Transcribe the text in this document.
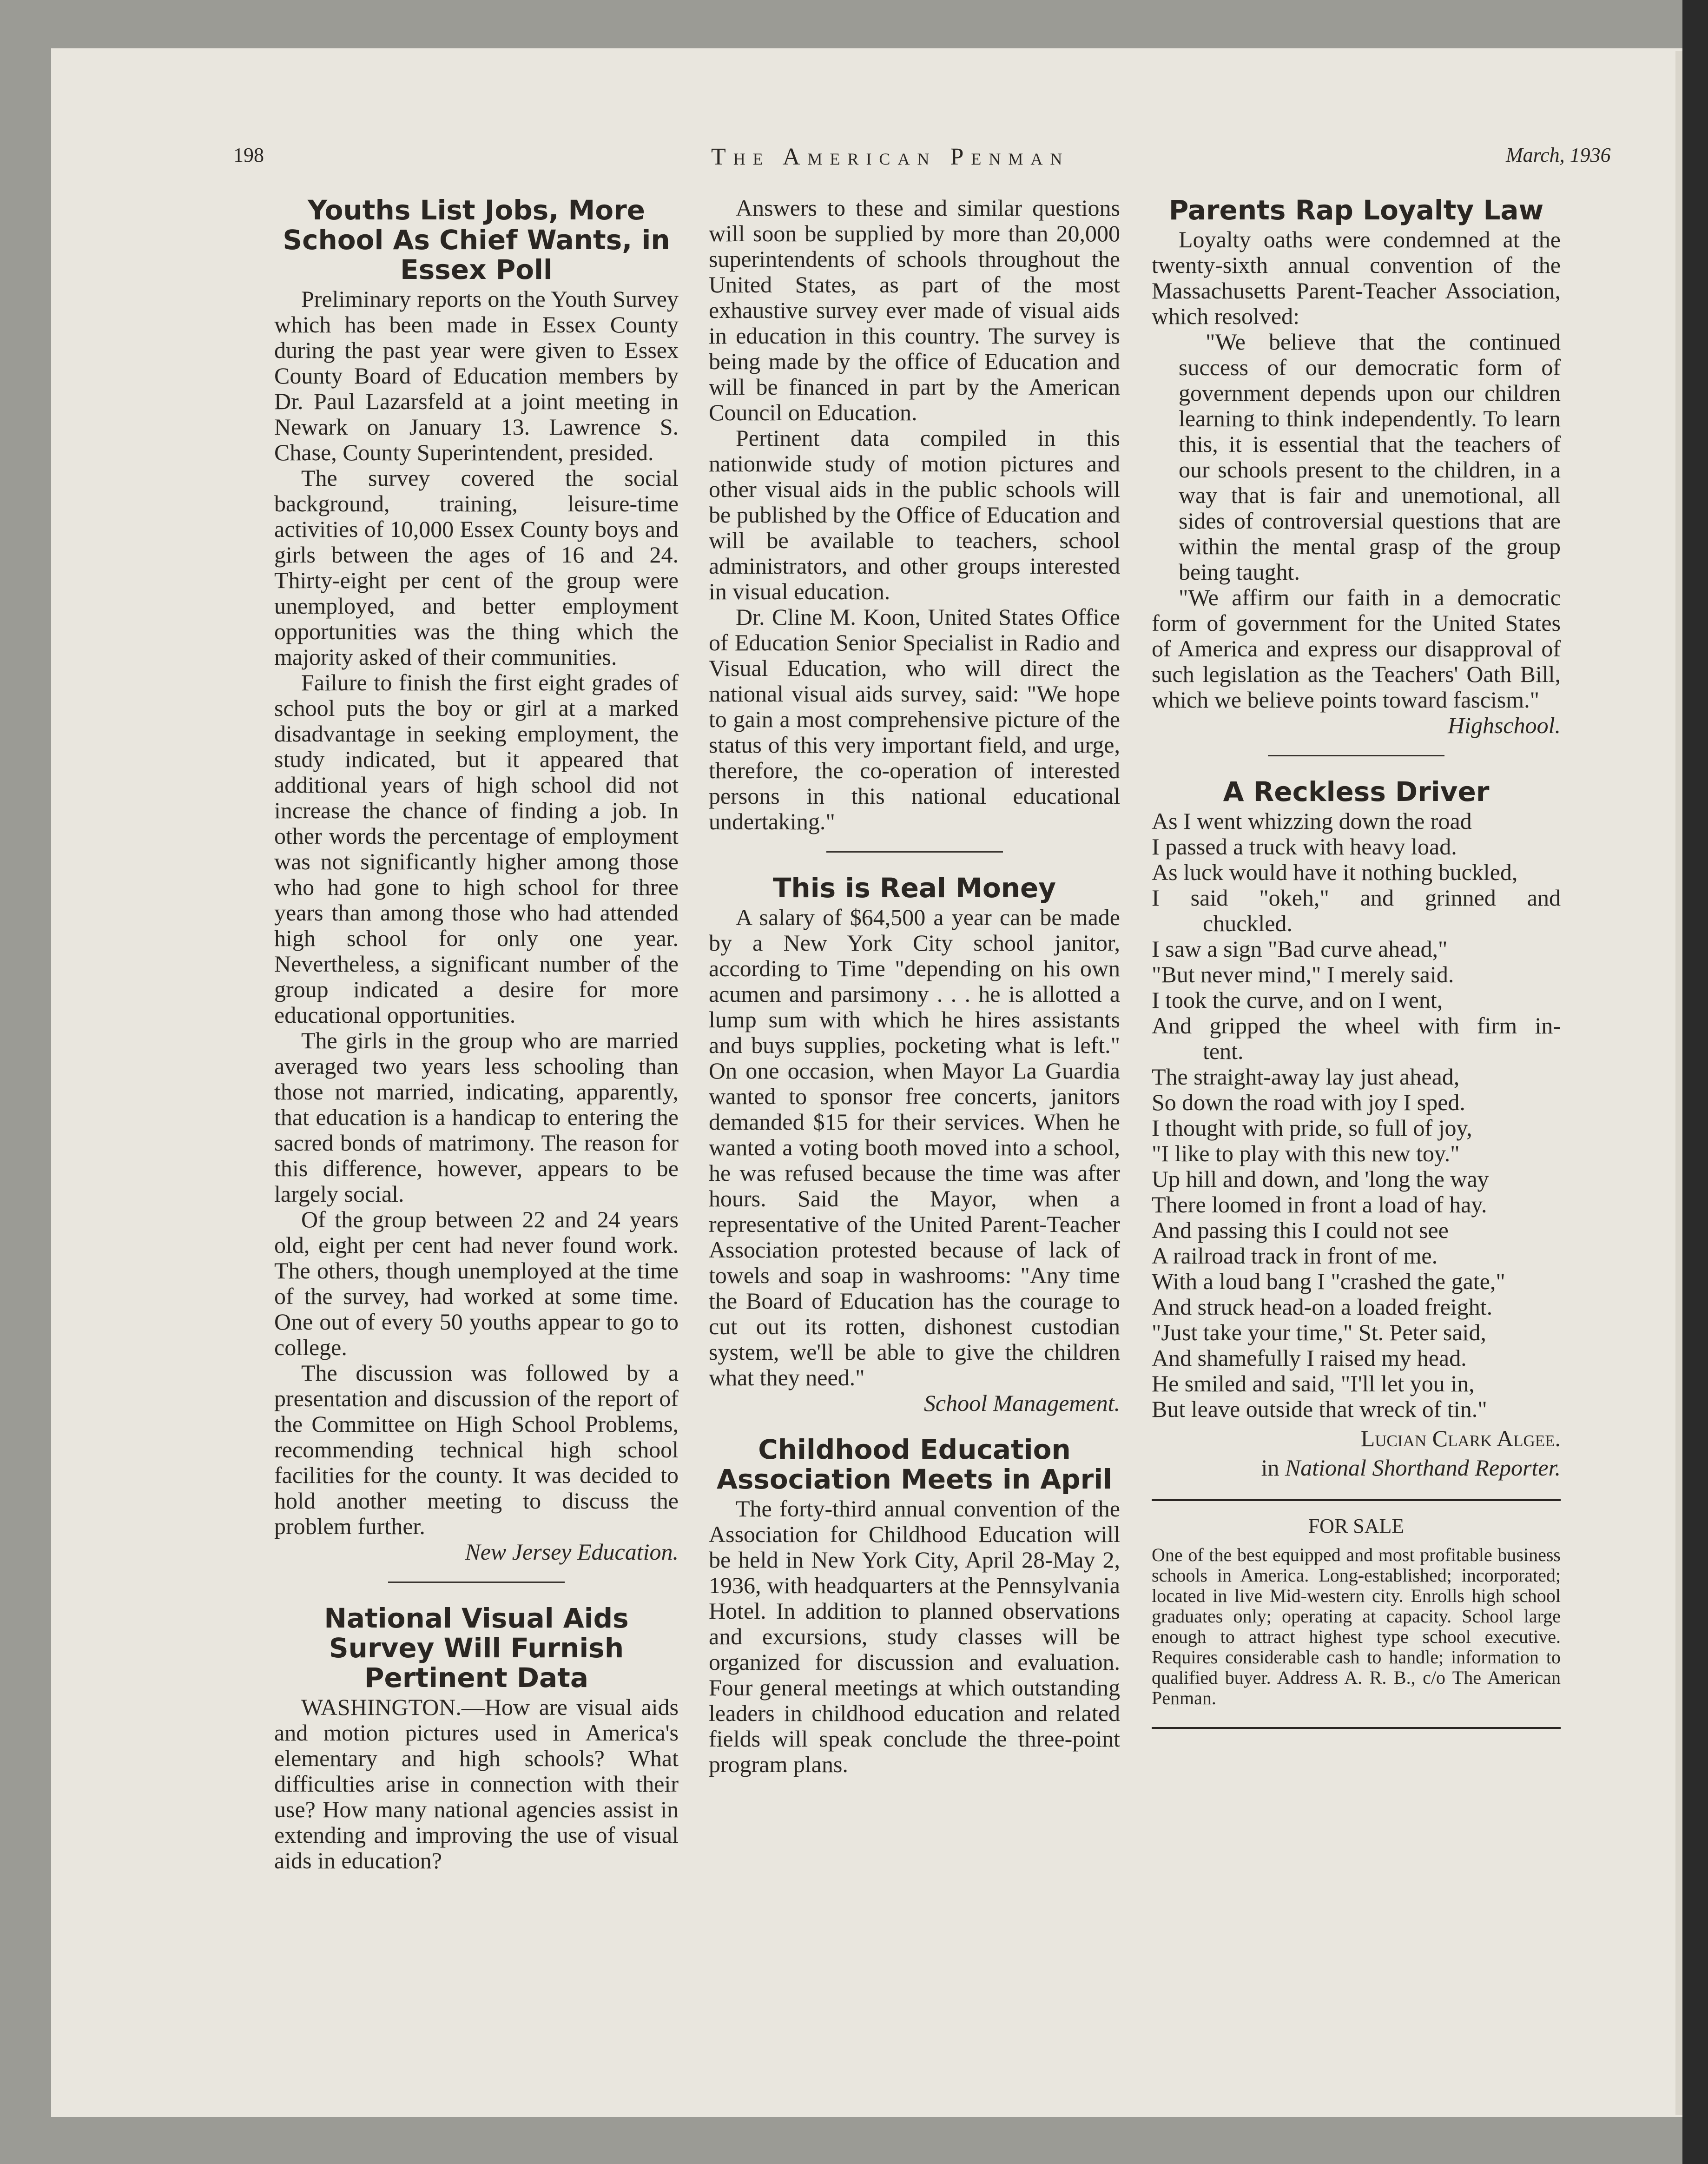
198	The American Penman	March, 1936
Youths List Jobs, More School As Chief Wants, in Essex Poll

Preliminary reports on the Youth Survey which has been made in Essex County during the past year were given to Essex County Board of Education members by Dr. Paul Lazarsfeld at a joint meeting in Newark on January 13. Lawrence S. Chase, County Superintendent, presided.

The survey covered the social background, training, leisure-time activities of 10,000 Essex County boys and girls between the ages of 16 and 24. Thirty-eight per cent of the group were unemployed, and better employment opportunities was the thing which the majority asked of their communities.

Failure to finish the first eight grades of school puts the boy or girl at a marked disadvantage in seeking employment, the study indicated, but it appeared that additional years of high school did not increase the chance of finding a job. In other words the percentage of employment was not significantly higher among those who had gone to high school for three years than among those who had attended high school for only one year. Nevertheless, a significant number of the group indicated a desire for more educational opportunities.

The girls in the group who are married averaged two years less schooling than those not married, indicating, apparently, that education is a handicap to entering the sacred bonds of matrimony. The reason for this difference, however, appears to be largely social.

Of the group between 22 and 24 years old, eight per cent had never found work. The others, though unemployed at the time of the survey, had worked at some time. One out of every 50 youths appear to go to college.

The discussion was followed by a presentation and discussion of the report of the Committee on High School Problems, recommending technical high school facilities for the county. It was decided to hold another meeting to discuss the problem further.

New Jersey Education.
National Visual Aids Survey Will Furnish Pertinent Data

WASHINGTON.—How are visual aids and motion pictures used in America's elementary and high schools? What difficulties arise in connection with their use? How many national agencies assist in extending and improving the use of visual aids in education?

Answers to these and similar questions will soon be supplied by more than 20,000 superintendents of schools throughout the United States, as part of the most exhaustive survey ever made of visual aids in education in this country. The survey is being made by the office of Education and will be financed in part by the American Council on Education.

Pertinent data compiled in this nationwide study of motion pictures and other visual aids in the public schools will be published by the Office of Education and will be available to teachers, school administrators, and other groups interested in visual education.

Dr. Cline M. Koon, United States Office of Education Senior Specialist in Radio and Visual Education, who will direct the national visual aids survey, said: "We hope to gain a most comprehensive picture of the status of this very important field, and urge, therefore, the co-operation of interested persons in this national educational undertaking."

This is Real Money

A salary of $64,500 a year can be made by a New York City school janitor, according to Time "depending on his own acumen and parsimony . . . he is allotted a lump sum with which he hires assistants and buys supplies, pocketing what is left." On one occasion, when Mayor La Guardia wanted to sponsor free concerts, janitors demanded $15 for their services. When he wanted a voting booth moved into a school, he was refused because the time was after hours. Said the Mayor, when a representative of the United Parent-Teacher Association protested because of lack of towels and soap in washrooms: "Any time the Board of Education has the courage to cut out its rotten, dishonest custodian system, we'll be able to give the children what they need."

School Management.
Childhood Education Association Meets in April

The forty-third annual convention of the Association for Childhood Education will be held in New York City, April 28-May 2, 1936, with headquarters at the Pennsylvania Hotel. In addition to planned observations and excursions, study classes will be organized for discussion and evaluation. Four general meetings at which outstanding leaders in childhood education and related fields will speak conclude the three-point program plans.

Parents Rap Loyalty Law

Loyalty oaths were condemned at the twenty-sixth annual convention of the Massachusetts Parent-Teacher Association, which resolved:

"We believe that the continued success of our democratic form of government depends upon our children learning to think independently. To learn this, it is essential that the teachers of our schools present to the children, in a way that is fair and unemotional, all sides of controversial questions that are within the mental grasp of the group being taught.

"We affirm our faith in a democratic form of government for the United States of America and express our disapproval of such legislation as the Teachers' Oath Bill, which we believe points toward fascism."

Highschool.
A Reckless Driver
As I went whizzing down the road
I passed a truck with heavy load.
As luck would have it nothing buckled,
I said "okeh," and grinned and
chuckled.
I saw a sign "Bad curve ahead,"
"But never mind," I merely said.
I took the curve, and on I went,
And gripped the wheel with firm in-
tent.
The straight-away lay just ahead,
So down the road with joy I sped.
I thought with pride, so full of joy,
"I like to play with this new toy."
Up hill and down, and 'long the way
There loomed in front a load of hay.
And passing this I could not see
A railroad track in front of me.
With a loud bang I "crashed the gate,"
And struck head-on a loaded freight.
"Just take your time," St. Peter said,
And shamefully I raised my head.
He smiled and said, "I'll let you in,
But leave outside that wreck of tin."
Lucian Clark Algee.
in National Shorthand Reporter.
FOR SALE
One of the best equipped and most profitable business schools in America. Long-established; incorporated; located in live Mid-western city. Enrolls high school graduates only; operating at capacity. School large enough to attract highest type school executive. Requires considerable cash to handle; information to qualified buyer. Address A. R. B., c/o The American Penman.
